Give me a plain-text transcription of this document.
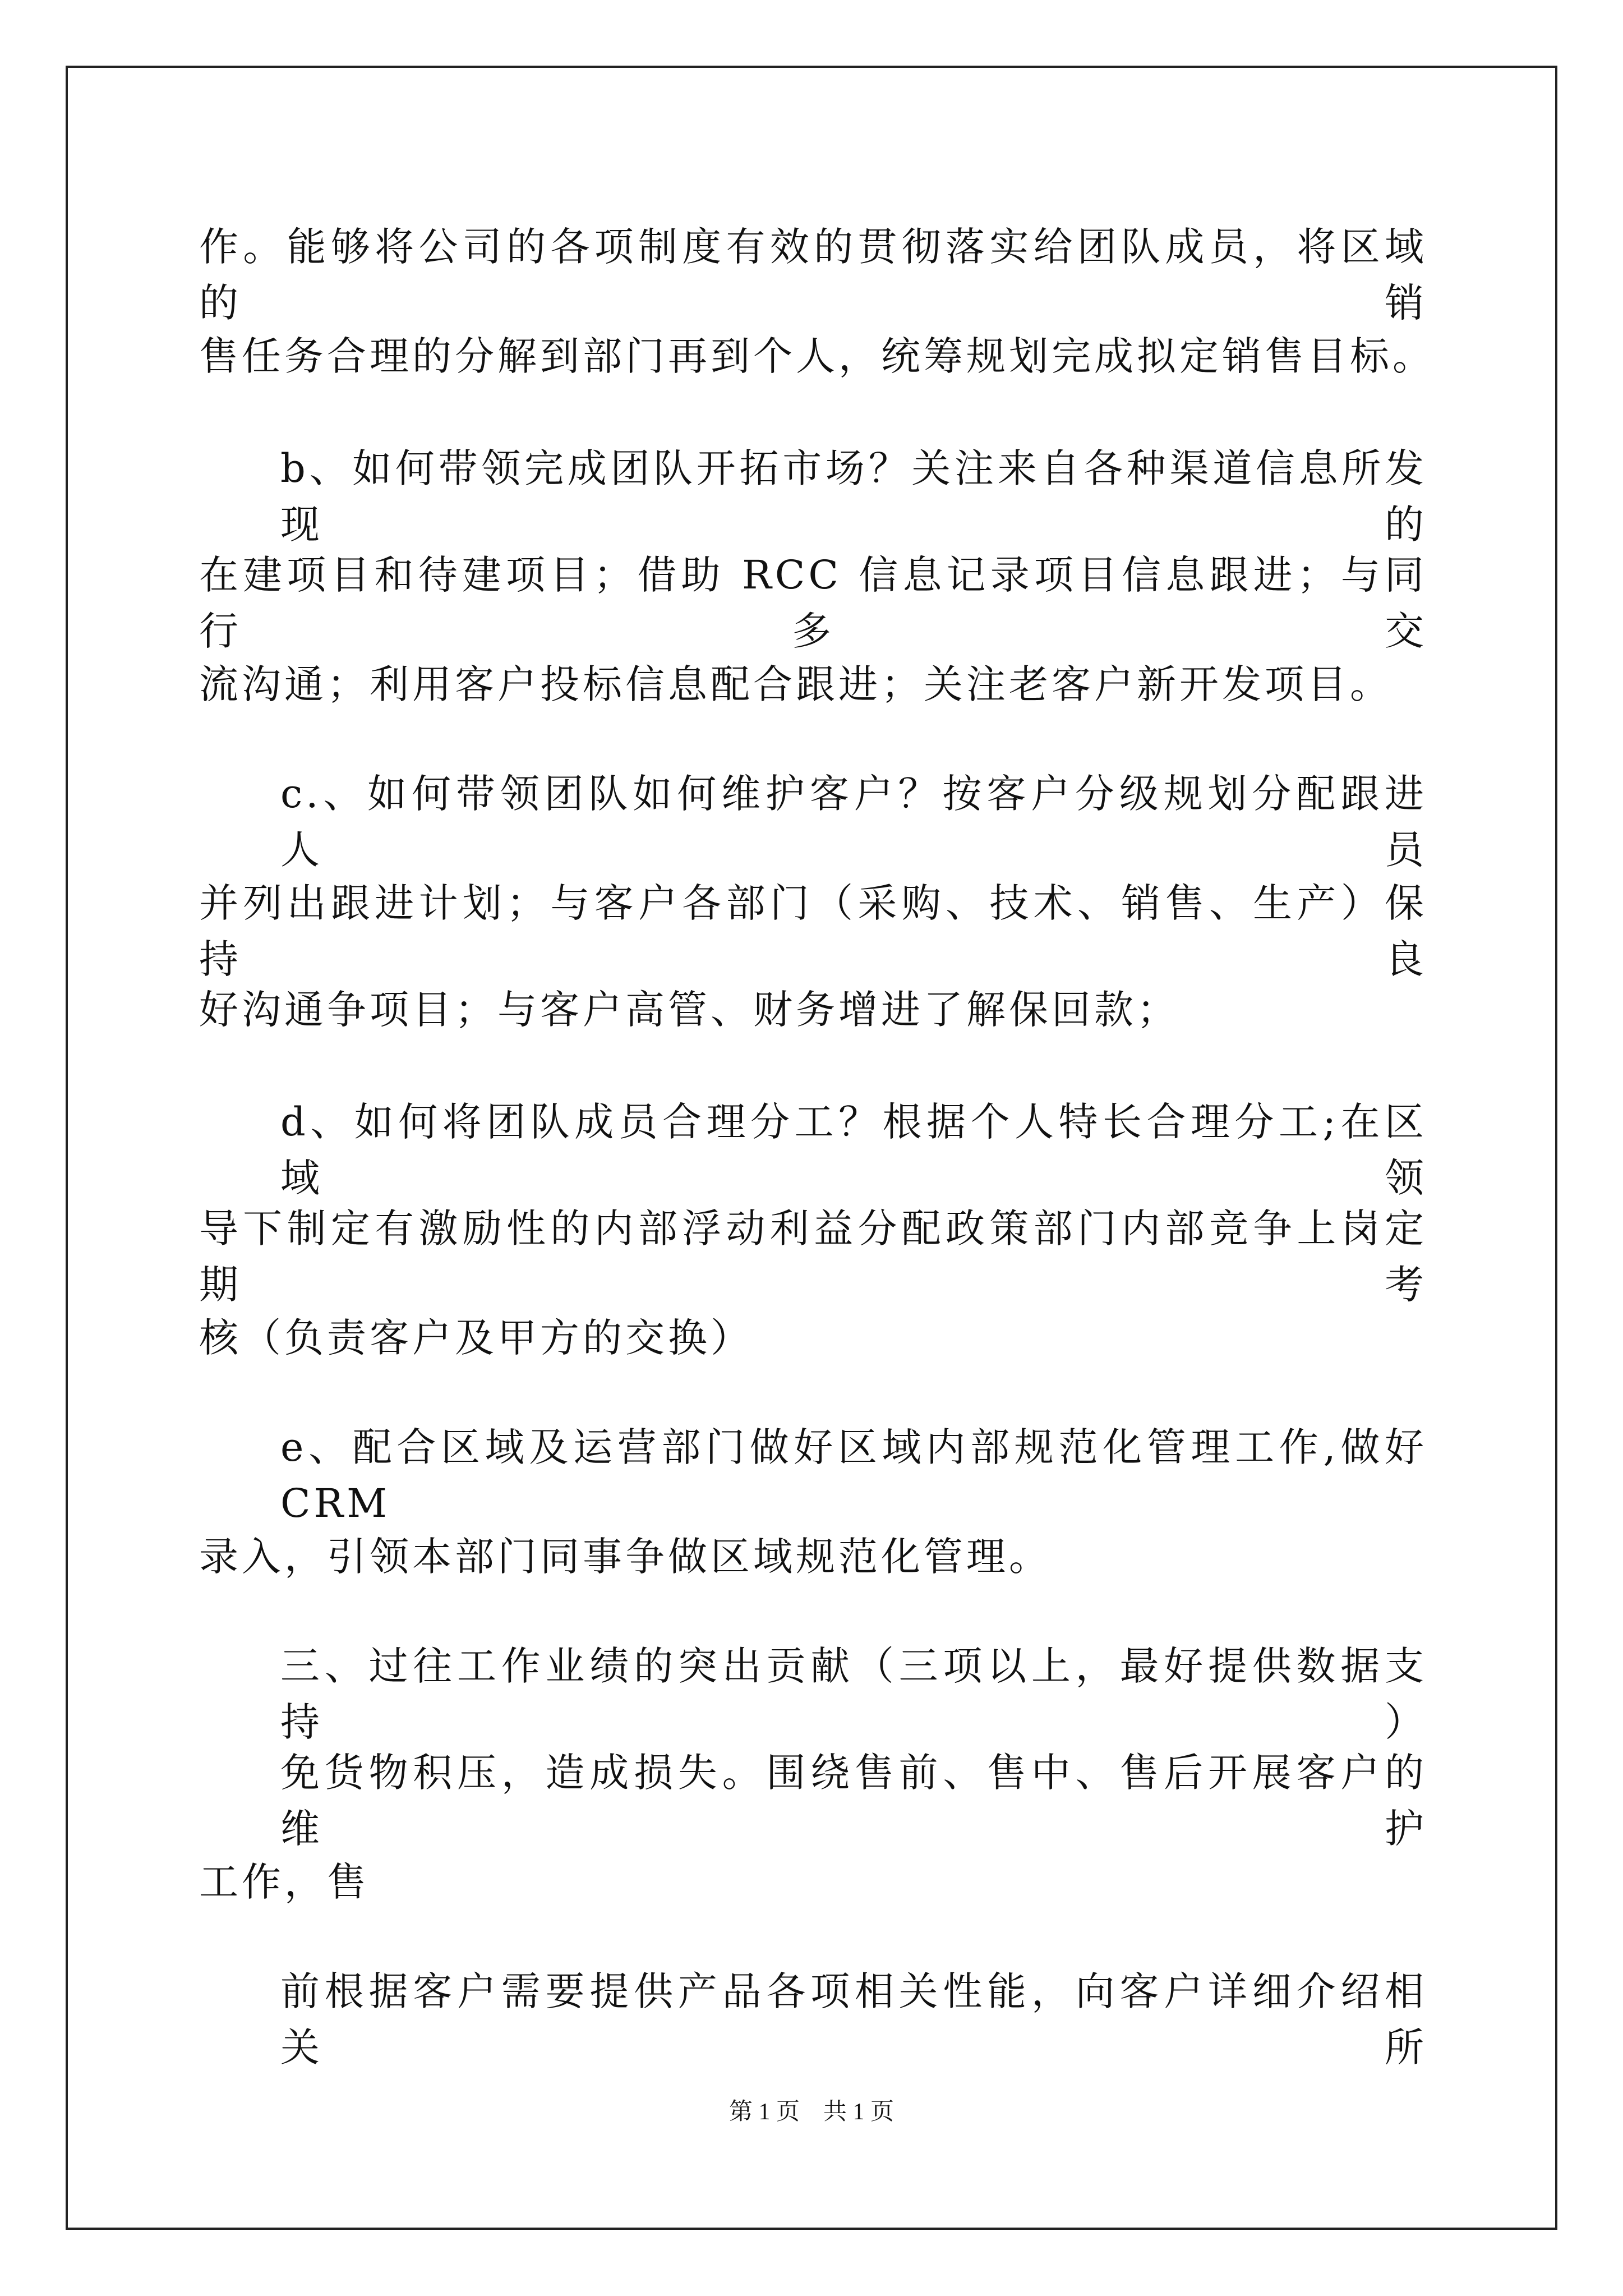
作。能够将公司的各项制度有效的贯彻落实给团队成员，将区域的销
售任务合理的分解到部门再到个人，统筹规划完成拟定销售目标。
b、如何带领完成团队开拓市场？关注来自各种渠道信息所发现的
在建项目和待建项目；借助 RCC 信息记录项目信息跟进；与同行多交
流沟通；利用客户投标信息配合跟进；关注老客户新开发项目。
c.、如何带领团队如何维护客户？按客户分级规划分配跟进人员
并列出跟进计划；与客户各部门（采购、技术、销售、生产）保持良
好沟通争项目；与客户高管、财务增进了解保回款；
d、如何将团队成员合理分工？根据个人特长合理分工;在区域领
导下制定有激励性的内部浮动利益分配政策部门内部竞争上岗定期考
核（负责客户及甲方的交换）
e、配合区域及运营部门做好区域内部规范化管理工作,做好 CRM
录入，引领本部门同事争做区域规范化管理。
三、过往工作业绩的突出贡献（三项以上，最好提供数据支持）
免货物积压，造成损失。围绕售前、售中、售后开展客户的维护
工作，售
前根据客户需要提供产品各项相关性能，向客户详细介绍相关所
第 1 页　共 1 页
